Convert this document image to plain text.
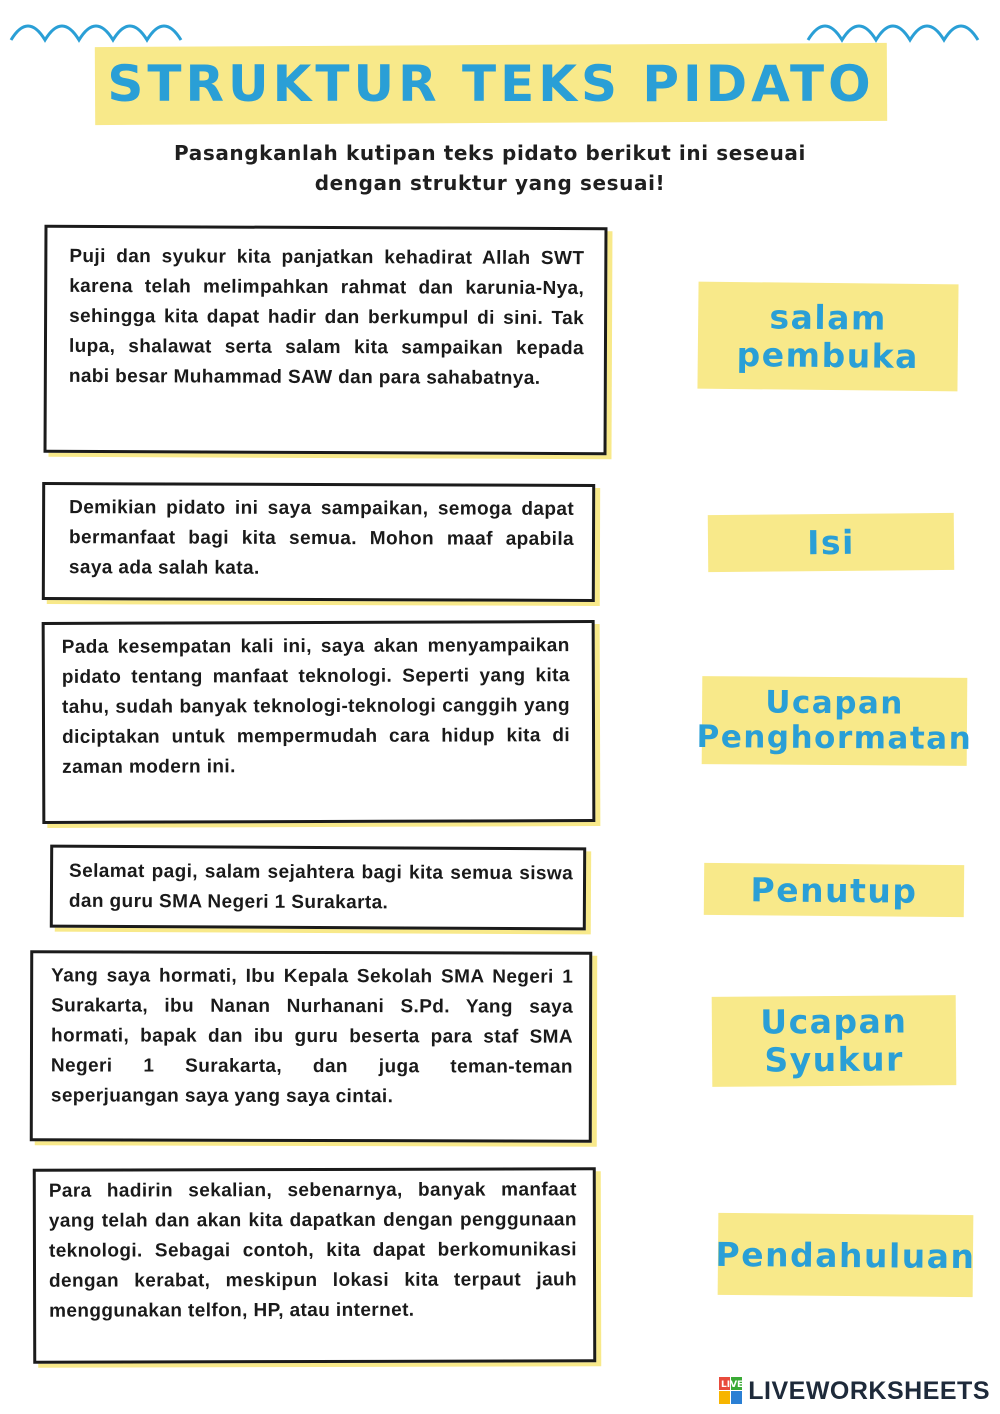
STRUKTUR TEKS PIDATO
Pasangkanlah kutipan teks pidato berikut ini seseuai
dengan struktur yang sesuai!
Puji dan syukur kita panjatkan kehadirat Allah SWT karena telah melimpahkan rahmat dan karunia-Nya, sehingga kita dapat hadir dan berkumpul di sini. Tak lupa, shalawat serta salam kita sampaikan kepada nabi besar Muhammad SAW dan para sahabatnya.
Demikian pidato ini saya sampaikan, semoga dapat bermanfaat bagi kita semua. Mohon maaf apabila saya ada salah kata.
Pada kesempatan kali ini, saya akan menyampaikan pidato tentang manfaat teknologi. Seperti yang kita tahu, sudah banyak teknologi-teknologi canggih yang diciptakan untuk mempermudah cara hidup kita di zaman modern ini.
Selamat pagi, salam sejahtera bagi kita semua siswa dan guru SMA Negeri 1 Surakarta.
Yang saya hormati, Ibu Kepala Sekolah SMA Negeri 1 Surakarta, ibu Nanan Nurhanani S.Pd. Yang saya hormati, bapak dan ibu guru beserta para staf SMA Negeri 1 Surakarta, dan juga teman-teman seperjuangan saya yang saya cintai.
Para hadirin sekalian, sebenarnya, banyak manfaat yang telah dan akan kita dapatkan dengan penggunaan teknologi. Sebagai contoh, kita dapat berkomunikasi dengan kerabat, meskipun lokasi kita terpaut jauh menggunakan telfon, HP, atau internet.
salam
pembuka
Isi
Ucapan
Penghormatan
Penutup
Ucapan
Syukur
Pendahuluan
LIVE LIVEWORKSHEETS
